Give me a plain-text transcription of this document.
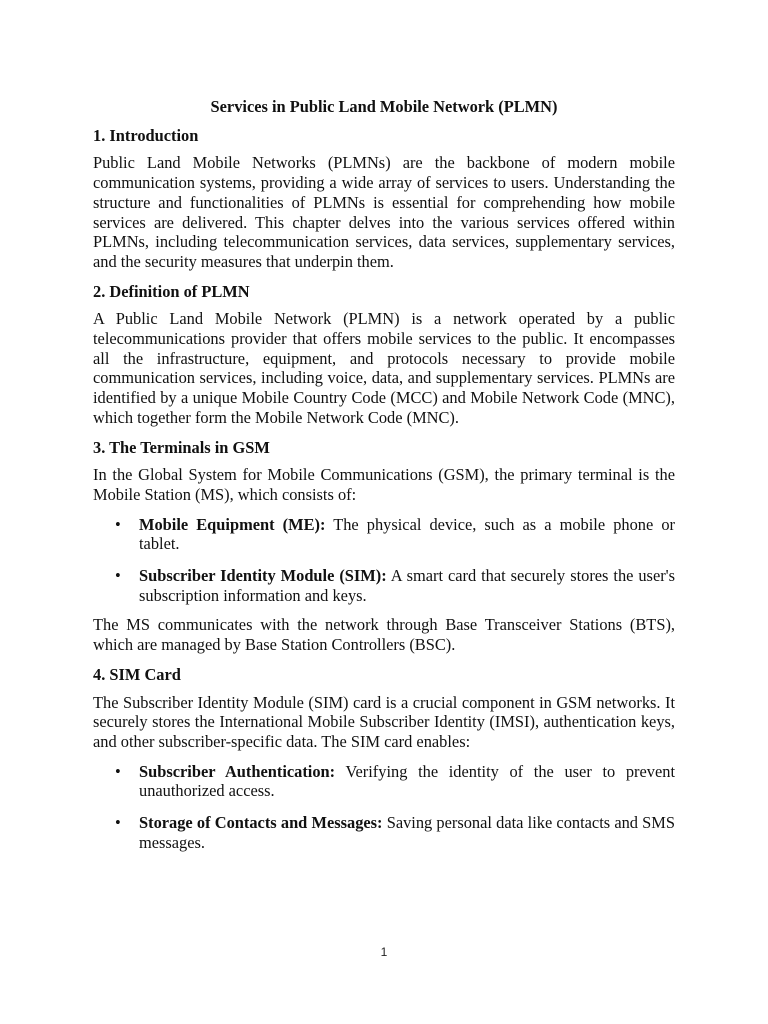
Services in Public Land Mobile Network (PLMN)
1. Introduction
Public Land Mobile Networks (PLMNs) are the backbone of modern mobile communication systems, providing a wide array of services to users. Understanding the structure and functionalities of PLMNs is essential for comprehending how mobile services are delivered. This chapter delves into the various services offered within PLMNs, including telecommunication services, data services, supplementary services, and the security measures that underpin them.
2. Definition of PLMN
A Public Land Mobile Network (PLMN) is a network operated by a public telecommunications provider that offers mobile services to the public. It encompasses all the infrastructure, equipment, and protocols necessary to provide mobile communication services, including voice, data, and supplementary services. PLMNs are identified by a unique Mobile Country Code (MCC) and Mobile Network Code (MNC), which together form the Mobile Network Code (MNC).
3. The Terminals in GSM
In the Global System for Mobile Communications (GSM), the primary terminal is the Mobile Station (MS), which consists of:
• Mobile Equipment (ME): The physical device, such as a mobile phone or tablet.
• Subscriber Identity Module (SIM): A smart card that securely stores the user's subscription information and keys.
The MS communicates with the network through Base Transceiver Stations (BTS), which are managed by Base Station Controllers (BSC).
4. SIM Card
The Subscriber Identity Module (SIM) card is a crucial component in GSM networks. It securely stores the International Mobile Subscriber Identity (IMSI), authentication keys, and other subscriber-specific data. The SIM card enables:
• Subscriber Authentication: Verifying the identity of the user to prevent unauthorized access.
• Storage of Contacts and Messages: Saving personal data like contacts and SMS messages.
1
